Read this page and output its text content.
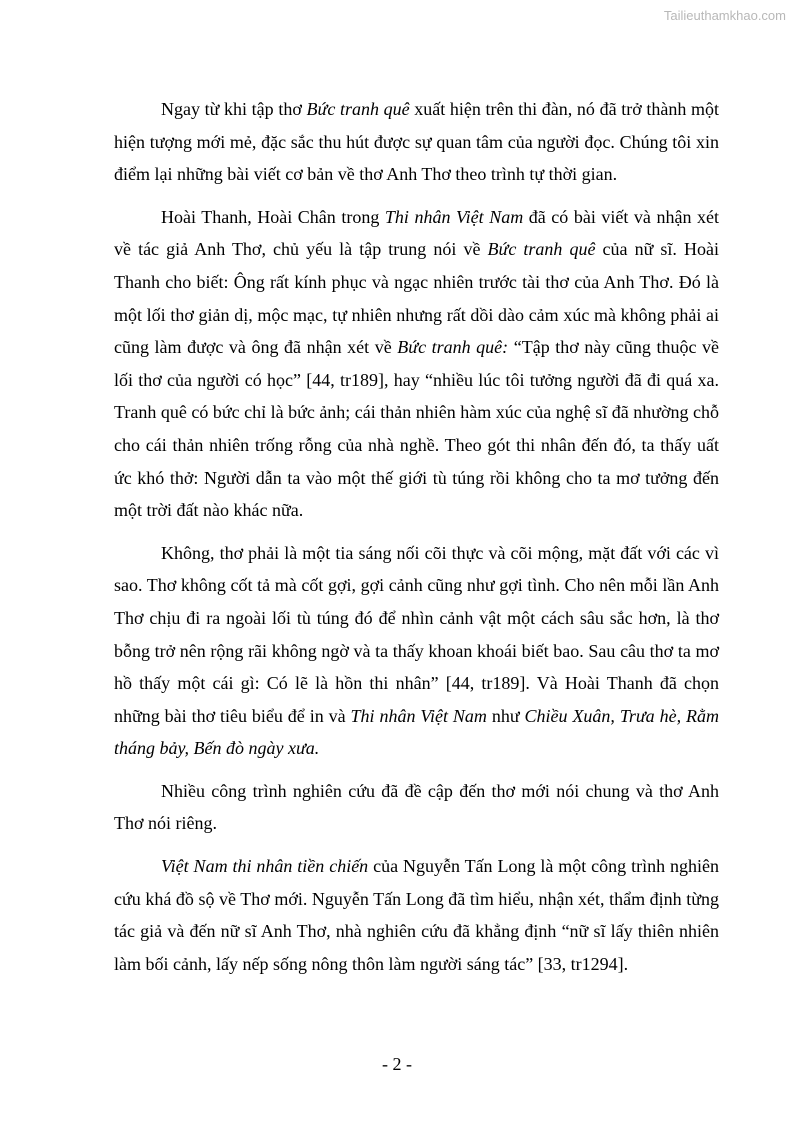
Tailieuthamkhao.com

Ngay từ khi tập thơ Bức tranh quê xuất hiện trên thi đàn, nó đã trở thành một hiện tượng mới mẻ, đặc sắc thu hút được sự quan tâm của người đọc. Chúng tôi xin điểm lại những bài viết cơ bản về thơ Anh Thơ theo trình tự thời gian.

Hoài Thanh, Hoài Chân trong Thi nhân Việt Nam đã có bài viết và nhận xét về tác giả Anh Thơ, chủ yếu là tập trung nói về Bức tranh quê của nữ sĩ. Hoài Thanh cho biết: Ông rất kính phục và ngạc nhiên trước tài thơ của Anh Thơ. Đó là một lối thơ giản dị, mộc mạc, tự nhiên nhưng rất dồi dào cảm xúc mà không phải ai cũng làm được và ông đã nhận xét về Bức tranh quê: “Tập thơ này cũng thuộc về lối thơ của người có học” [44, tr189], hay “nhiều lúc tôi tưởng người đã đi quá xa. Tranh quê có bức chỉ là bức ảnh; cái thản nhiên hàm xúc của nghệ sĩ đã nhường chỗ cho cái thản nhiên trống rỗng của nhà nghề. Theo gót thi nhân đến đó, ta thấy uất ức khó thở: Người dẫn ta vào một thế giới tù túng rồi không cho ta mơ tưởng đến một trời đất nào khác nữa.

Không, thơ phải là một tia sáng nối cõi thực và cõi mộng, mặt đất với các vì sao. Thơ không cốt tả mà cốt gợi, gợi cảnh cũng như gợi tình. Cho nên mỗi lần Anh Thơ chịu đi ra ngoài lối tù túng đó để nhìn cảnh vật một cách sâu sắc hơn, là thơ bỗng trở nên rộng rãi không ngờ và ta thấy khoan khoái biết bao. Sau câu thơ ta mơ hồ thấy một cái gì: Có lẽ là hồn thi nhân” [44, tr189]. Và Hoài Thanh đã chọn những bài thơ tiêu biểu để in và Thi nhân Việt Nam như Chiều Xuân, Trưa hè, Rằm tháng bảy, Bến đò ngày xưa.

Nhiều công trình nghiên cứu đã đề cập đến thơ mới nói chung và thơ Anh Thơ nói riêng.

Việt Nam thi nhân tiền chiến của Nguyễn Tấn Long là một công trình nghiên cứu khá đồ sộ về Thơ mới. Nguyễn Tấn Long đã tìm hiểu, nhận xét, thẩm định từng tác giả và đến nữ sĩ Anh Thơ, nhà nghiên cứu đã khẳng định “nữ sĩ lấy thiên nhiên làm bối cảnh, lấy nếp sống nông thôn làm người sáng tác” [33, tr1294].

- 2 -
